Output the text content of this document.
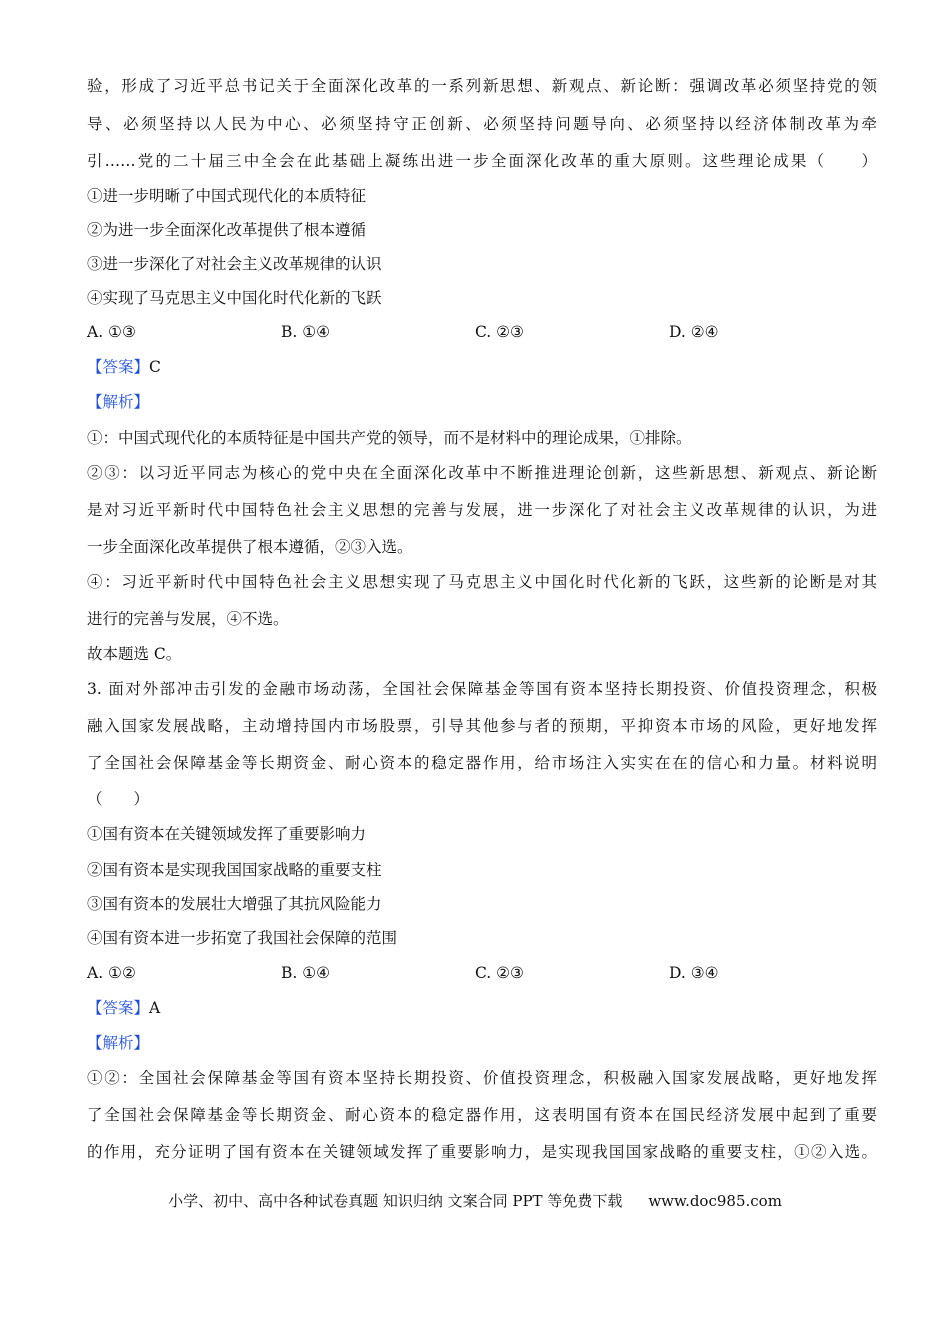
验，形成了习近平总书记关于全面深化改革的一系列新思想、新观点、新论断：强调改革必须坚持党的领
导、必须坚持以人民为中心、必须坚持守正创新、必须坚持问题导向、必须坚持以经济体制改革为牵
引……党的二十届三中全会在此基础上凝练出进一步全面深化改革的重大原则。这些理论成果（　　）
①进一步明晰了中国式现代化的本质特征
②为进一步全面深化改革提供了根本遵循
③进一步深化了对社会主义改革规律的认识
④实现了马克思主义中国化时代化新的飞跃
A. ①③	B. ①④	C. ②③	D. ②④
【答案】C
【解析】
①：中国式现代化的本质特征是中国共产党的领导，而不是材料中的理论成果，①排除。
②③：以习近平同志为核心的党中央在全面深化改革中不断推进理论创新，这些新思想、新观点、新论断
是对习近平新时代中国特色社会主义思想的完善与发展，进一步深化了对社会主义改革规律的认识，为进
一步全面深化改革提供了根本遵循，②③入选。
④：习近平新时代中国特色社会主义思想实现了马克思主义中国化时代化新的飞跃，这些新的论断是对其
进行的完善与发展，④不选。
故本题选 C。
3. 面对外部冲击引发的金融市场动荡，全国社会保障基金等国有资本坚持长期投资、价值投资理念，积极
融入国家发展战略，主动增持国内市场股票，引导其他参与者的预期，平抑资本市场的风险，更好地发挥
了全国社会保障基金等长期资金、耐心资本的稳定器作用，给市场注入实实在在的信心和力量。材料说明
（　　）
①国有资本在关键领域发挥了重要影响力
②国有资本是实现我国国家战略的重要支柱
③国有资本的发展壮大增强了其抗风险能力
④国有资本进一步拓宽了我国社会保障的范围
A. ①②	B. ①④	C. ②③	D. ③④
【答案】A
【解析】
①②：全国社会保障基金等国有资本坚持长期投资、价值投资理念，积极融入国家发展战略，更好地发挥
了全国社会保障基金等长期资金、耐心资本的稳定器作用，这表明国有资本在国民经济发展中起到了重要
的作用，充分证明了国有资本在关键领域发挥了重要影响力，是实现我国国家战略的重要支柱，①②入选。
小学、初中、高中各种试卷真题 知识归纳 文案合同 PPT 等免费下载 www.doc985.com
